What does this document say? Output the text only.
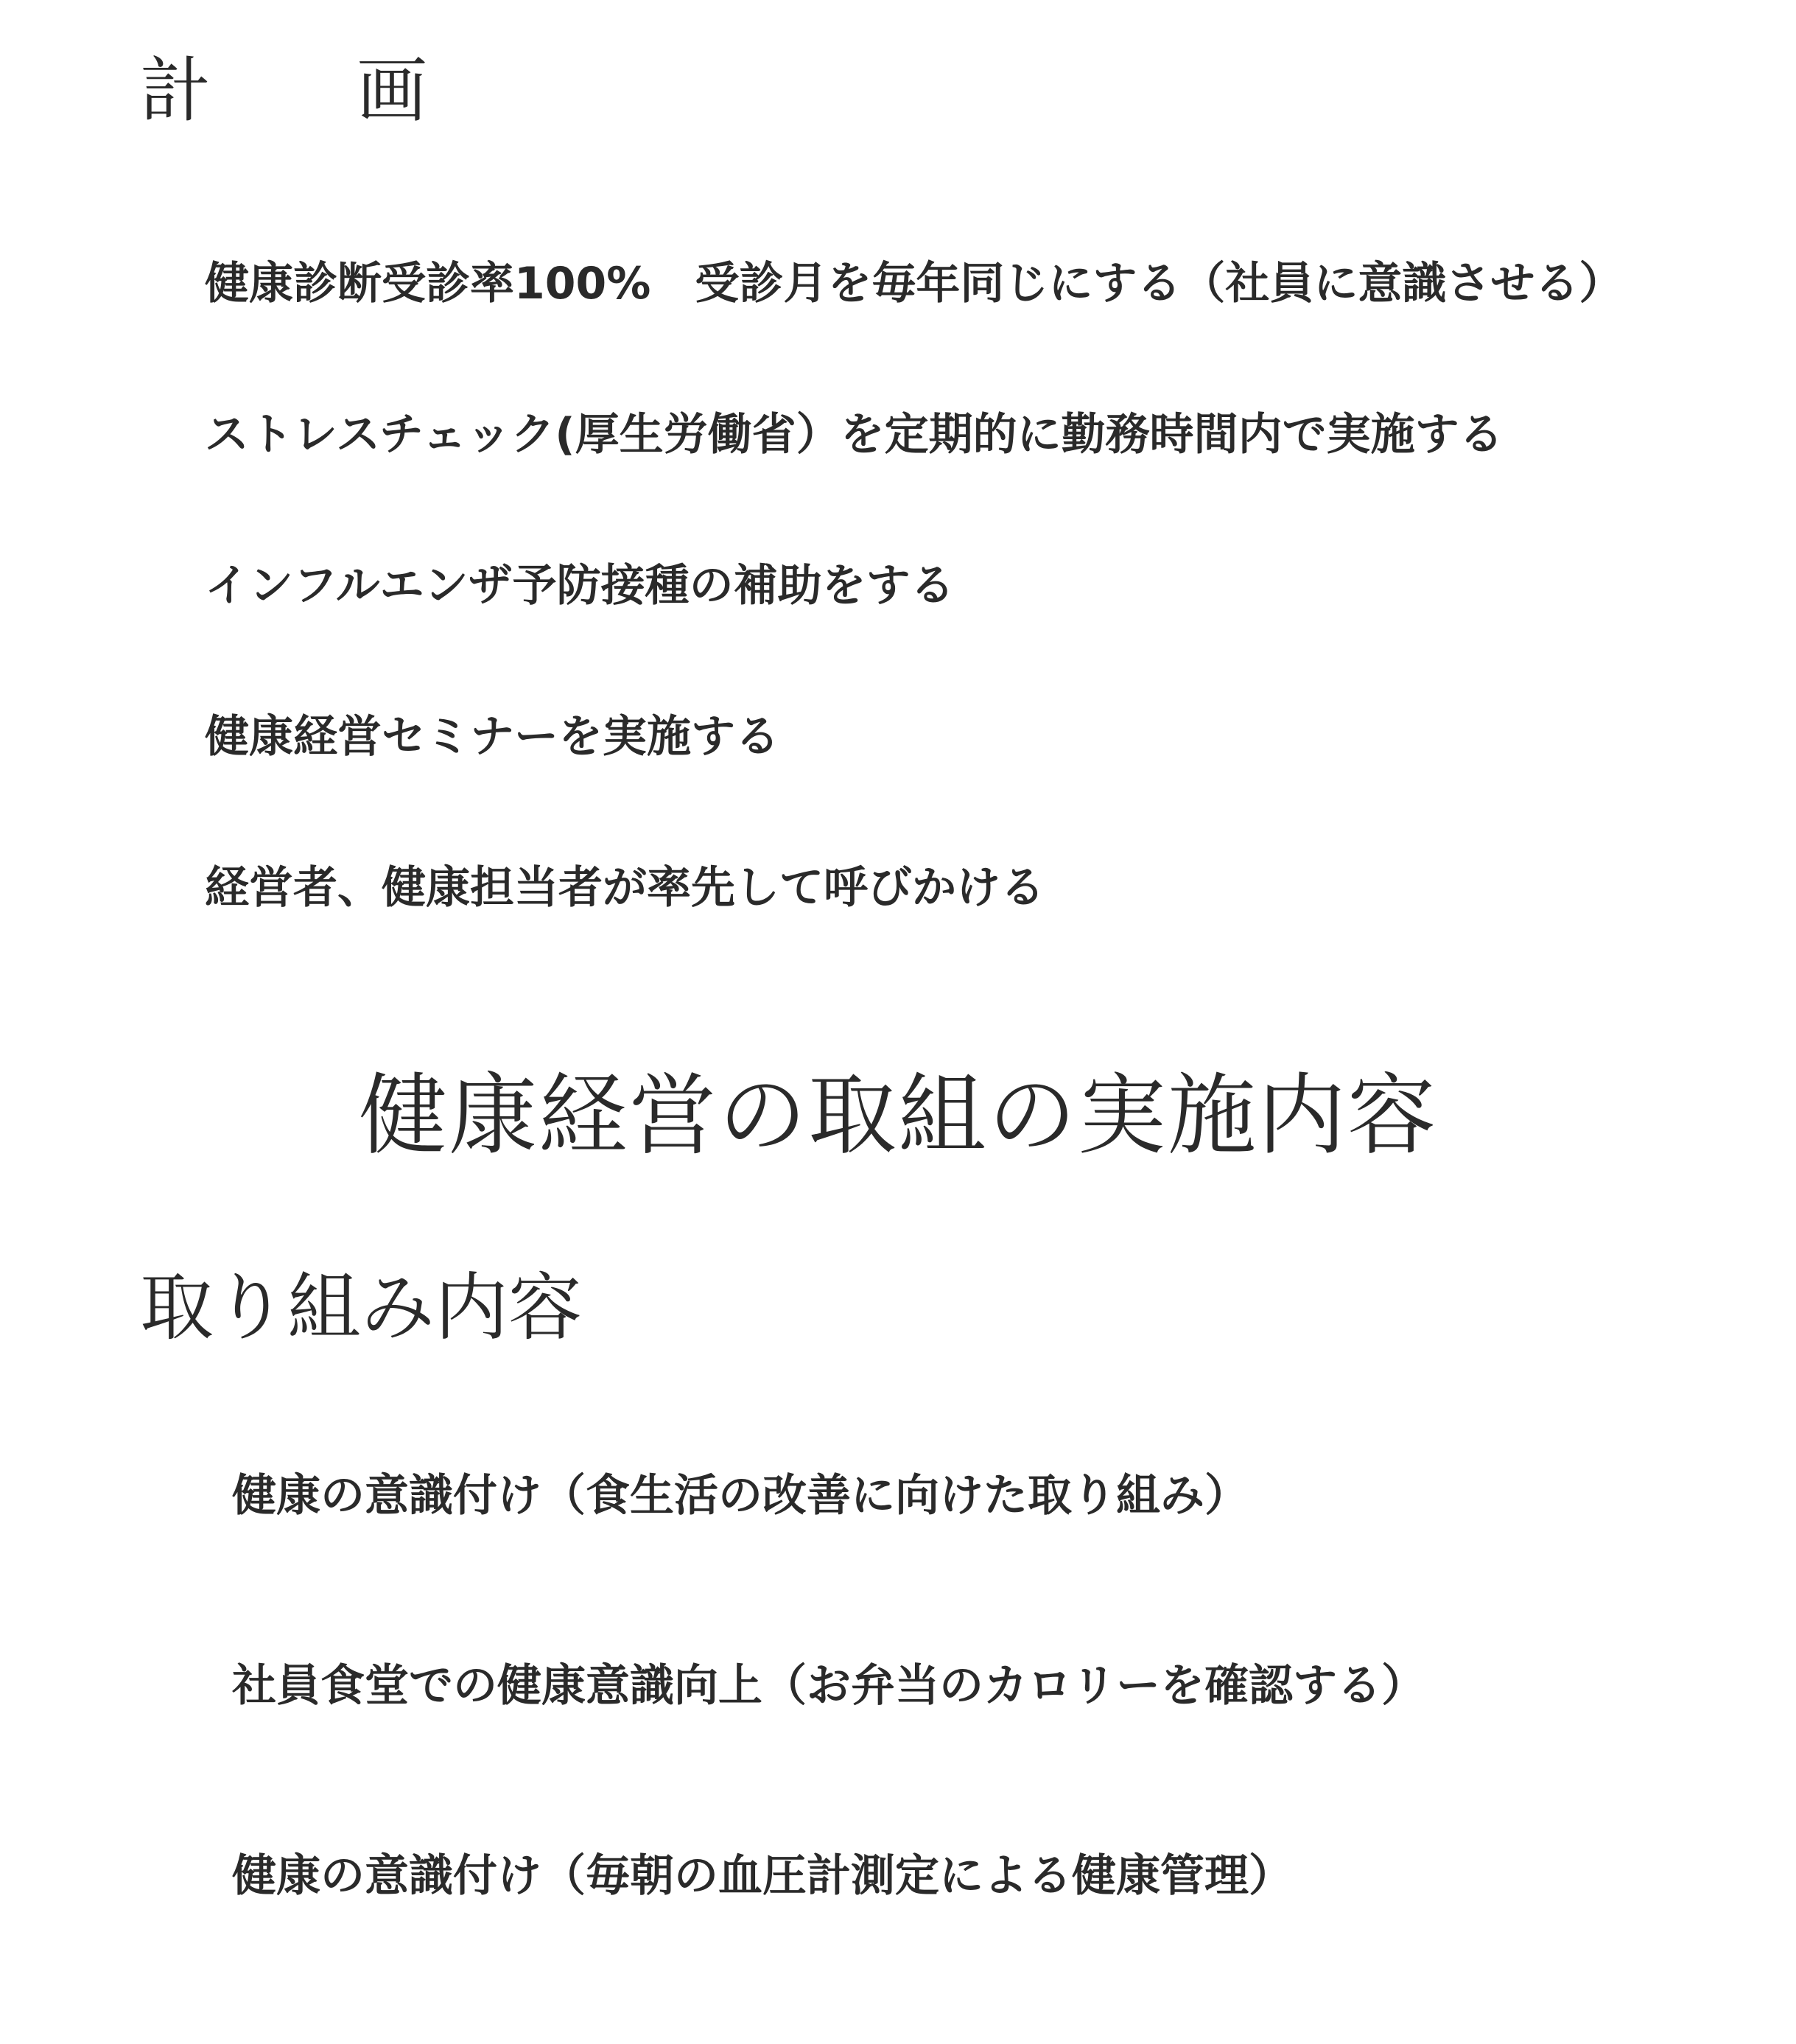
計　　画
健康診断受診率100%　受診月を毎年同じにする（社員に意識させる）
ストレスチェック(厚生労働省）を定期的に勤務時間内で実施する
インフルエンザ予防接種の補助をする
健康経営セミナーを実施する
経営者、健康担当者が率先して呼びかける
健康経営の取組の実施内容
取り組み内容
健康の意識付け（食生活の改善に向けた取り組み）
社員食堂での健康意識向上（お弁当のカロリーを確認する）
健康の意識付け（毎朝の血圧計測定による健康管理）
